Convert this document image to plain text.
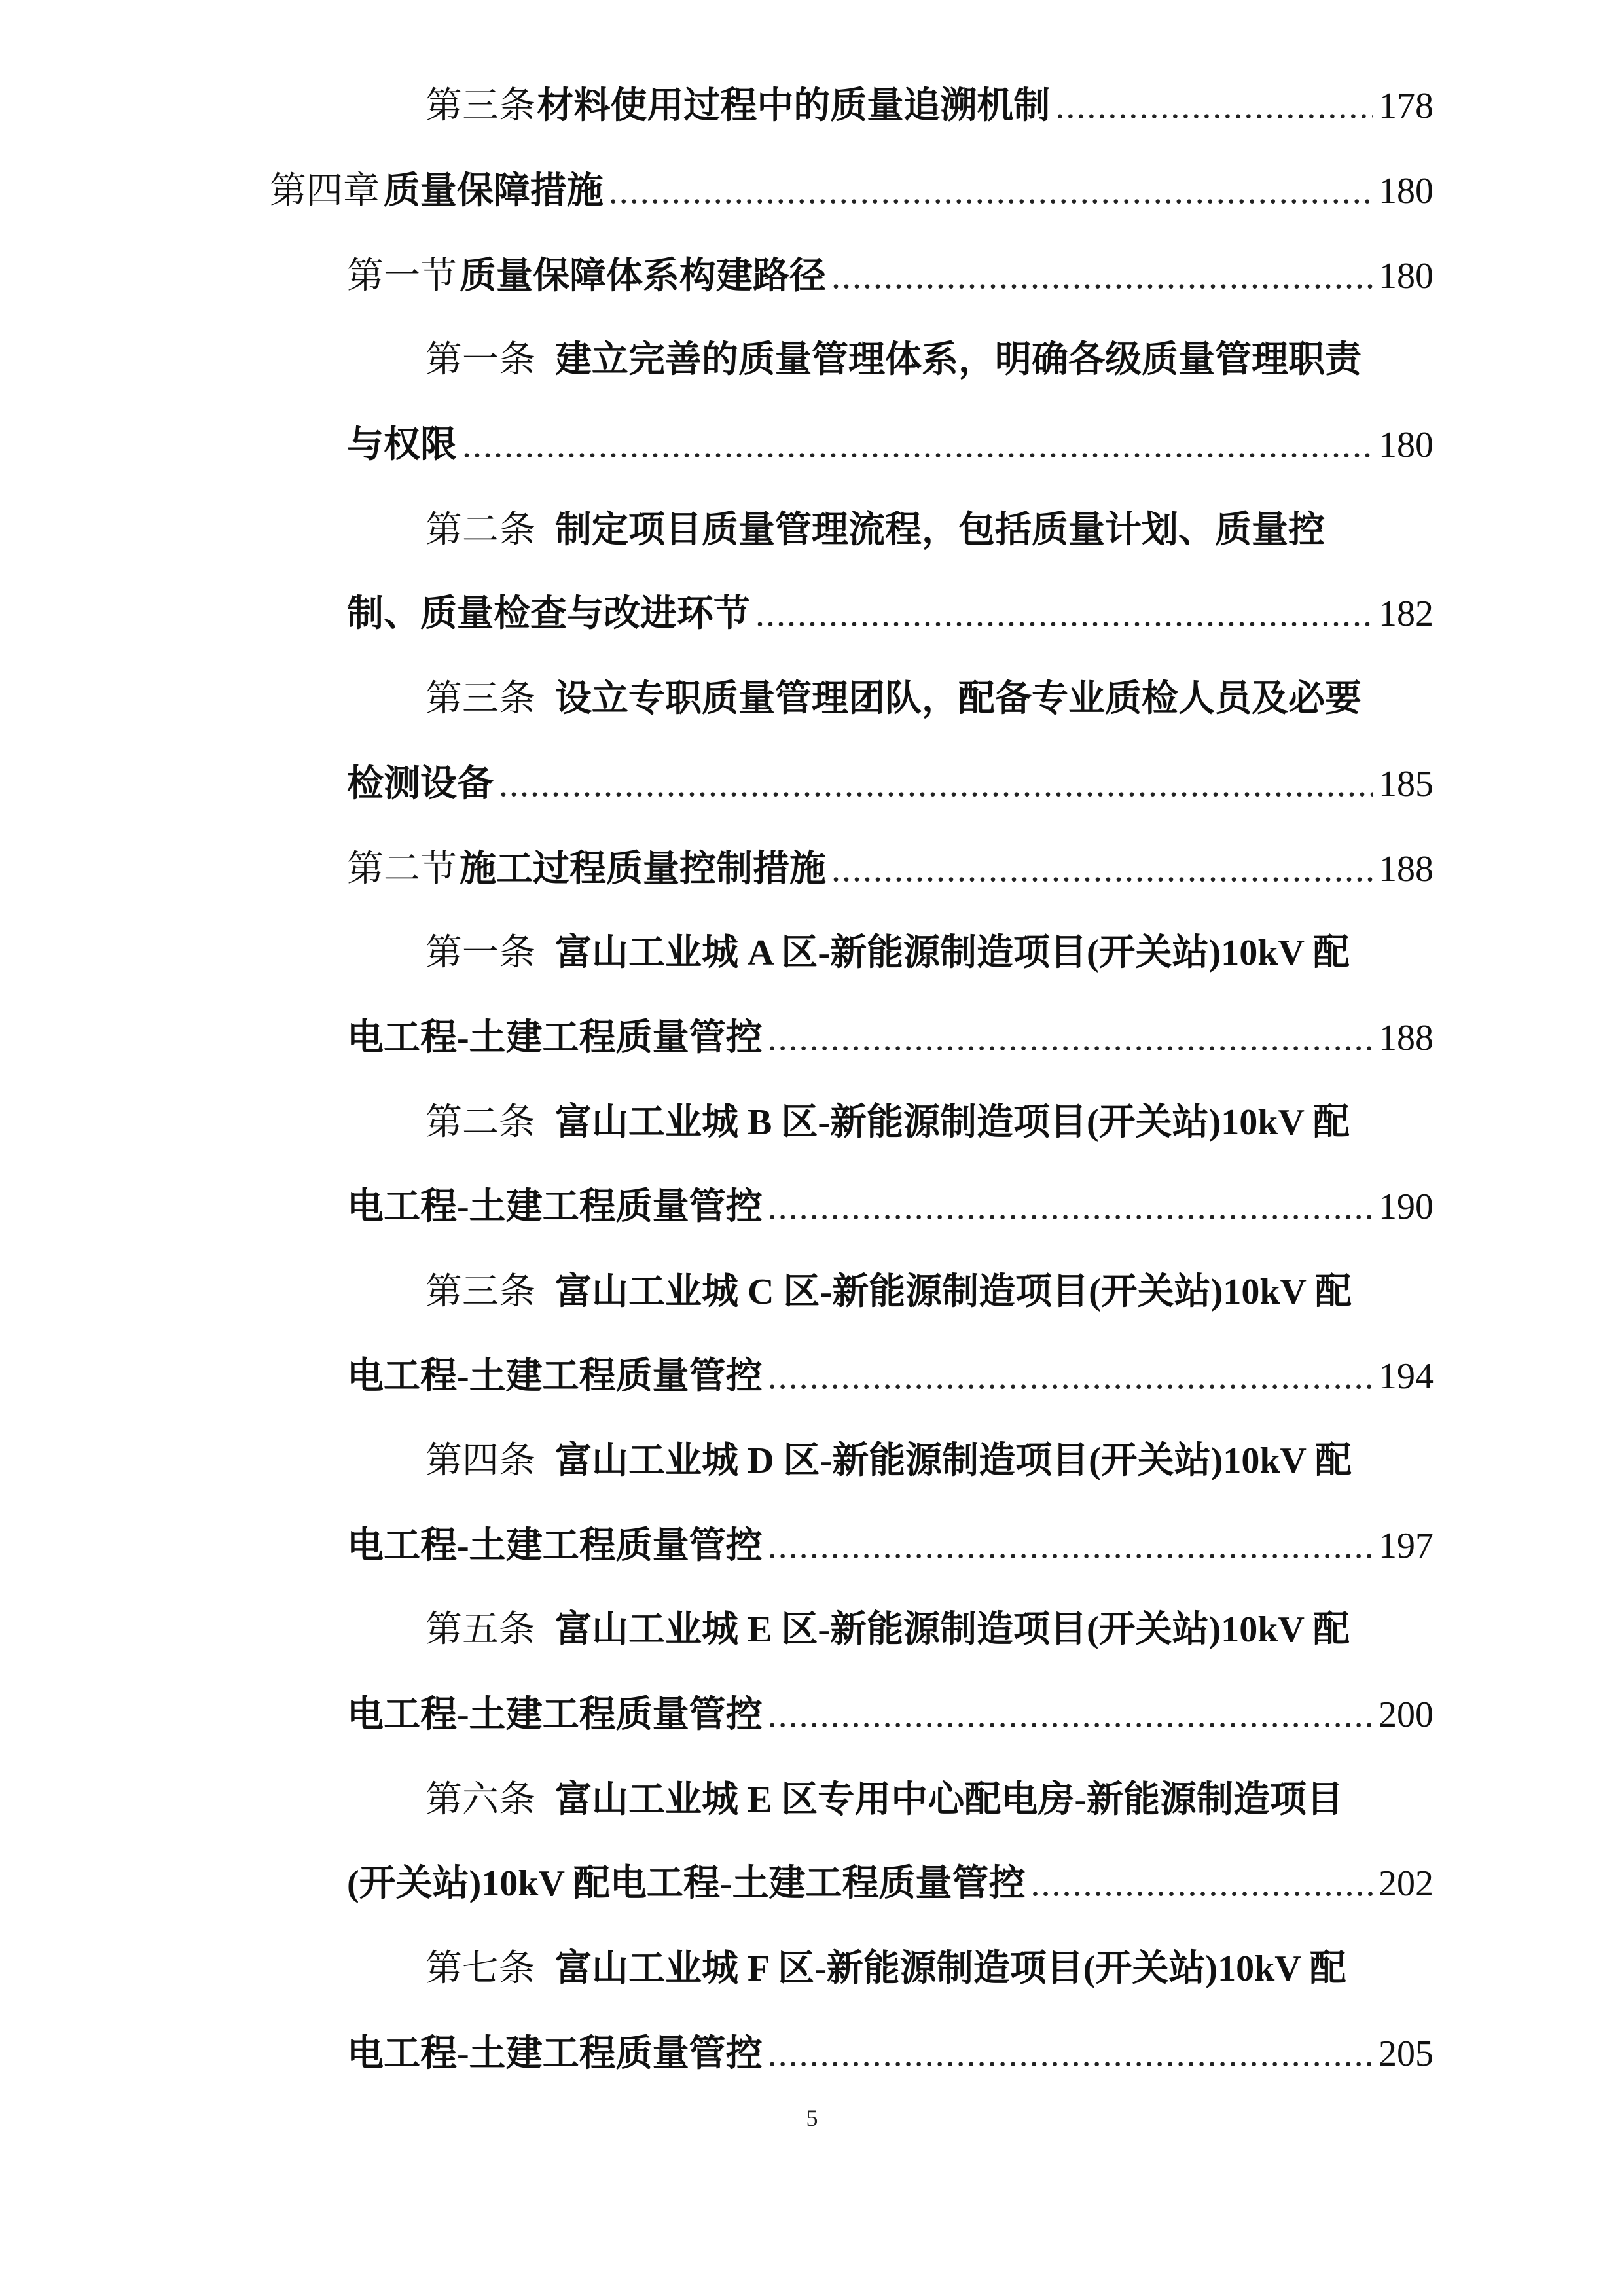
第三条 材料使用过程中的质量追溯机制 .....	178
第四章 质量保障措施 .....	180
第一节 质量保障体系构建路径 .....	180
第一条 建立完善的质量管理体系，明确各级质量管理职责
与权限 .....	180
第二条 制定项目质量管理流程，包括质量计划、质量控
制、质量检查与改进环节 .....	182
第三条 设立专职质量管理团队，配备专业质检人员及必要
检测设备 .....	185
第二节 施工过程质量控制措施 .....	188
第一条 富山工业城 A 区-新能源制造项目(开关站)10kV 配
电工程-土建工程质量管控 .....	188
第二条 富山工业城 B 区-新能源制造项目(开关站)10kV 配
电工程-土建工程质量管控 .....	190
第三条 富山工业城 C 区-新能源制造项目(开关站)10kV 配
电工程-土建工程质量管控 .....	194
第四条 富山工业城 D 区-新能源制造项目(开关站)10kV 配
电工程-土建工程质量管控 .....	197
第五条 富山工业城 E 区-新能源制造项目(开关站)10kV 配
电工程-土建工程质量管控 .....	200
第六条 富山工业城 E 区专用中心配电房-新能源制造项目
(开关站)10kV 配电工程-土建工程质量管控 .....	202
第七条 富山工业城 F 区-新能源制造项目(开关站)10kV 配
电工程-土建工程质量管控 .....	205
5
